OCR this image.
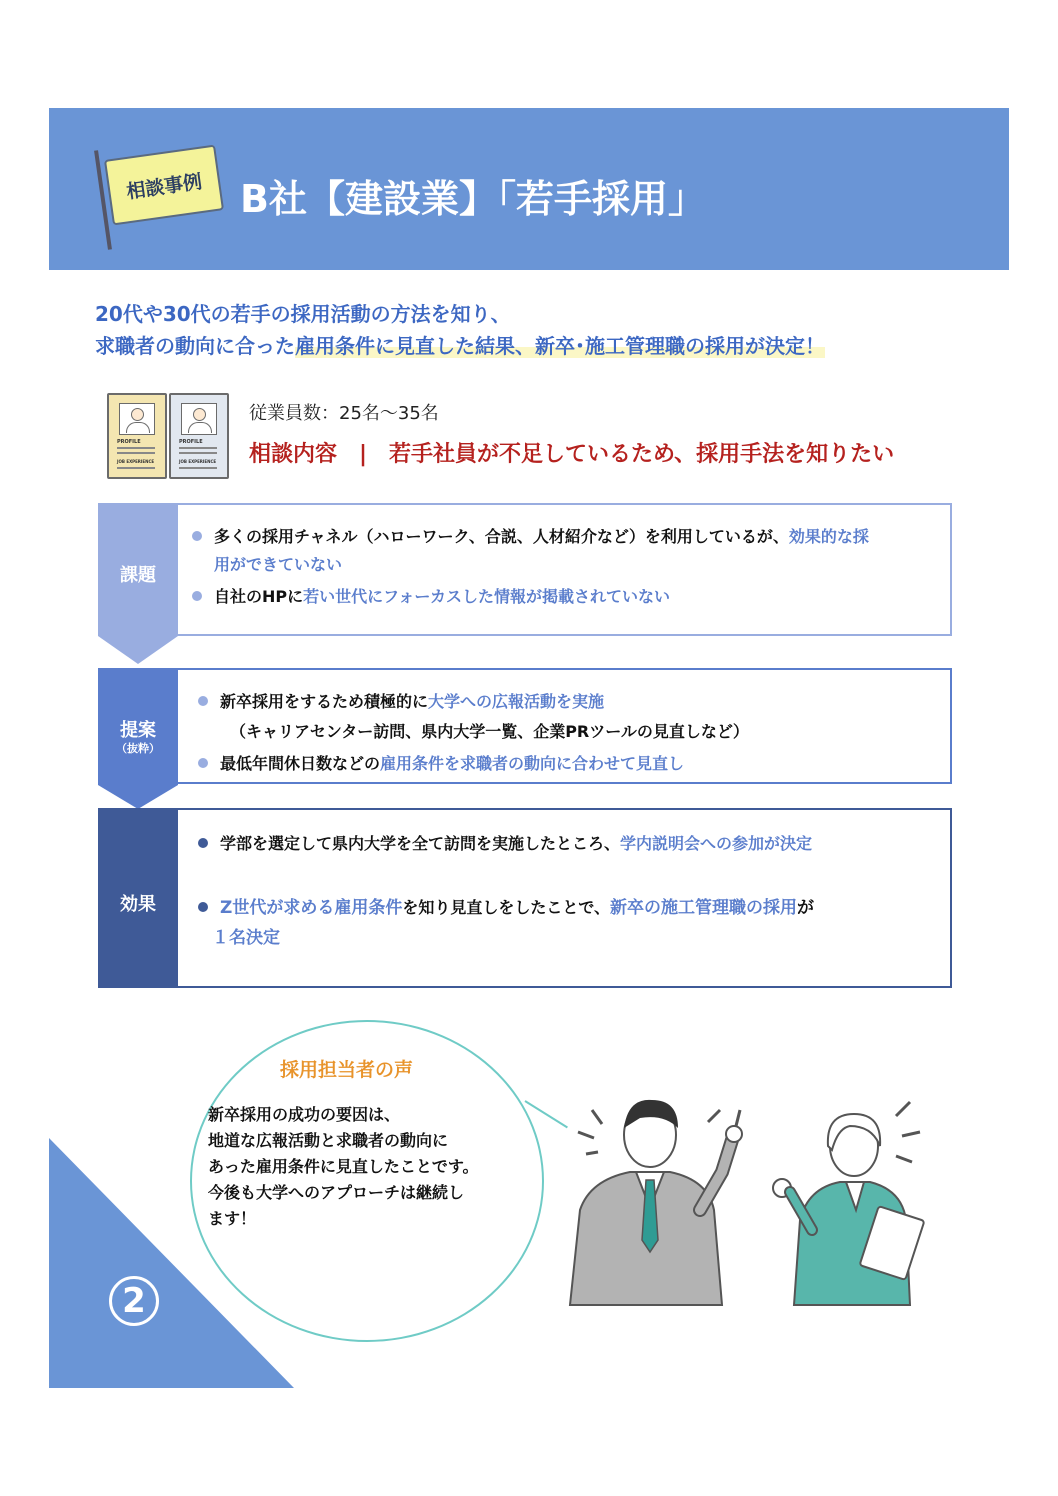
相談事例 B社【建設業】「若手採用」
20代や30代の若手の採用活動の方法を知り、
求職者の動向に合った雇用条件に見直した結果、新卒･施工管理職の採用が決定！
PROFILE
JOB EXPERIENCE
PROFILE
JOB EXPERIENCE
従業員数：25名～35名
相談内容　|　若手社員が不足しているため、採用手法を知りたい
課題
多くの採用チャネル（ハローワーク、合説、人材紹介など）を利用しているが、効果的な採
用ができていない
自社のHPに若い世代にフォーカスした情報が掲載されていない
提案
（抜粋）
新卒採用をするため積極的に大学への広報活動を実施
（キャリアセンター訪問、県内大学一覧、企業PRツールの見直しなど）
最低年間休日数などの雇用条件を求職者の動向に合わせて見直し
効果
学部を選定して県内大学を全て訪問を実施したところ、学内説明会への参加が決定
Z世代が求める雇用条件を知り見直しをしたことで、新卒の施工管理職の採用が
１名決定
採用担当者の声
新卒採用の成功の要因は、
地道な広報活動と求職者の動向に
あった雇用条件に見直したことです。
今後も大学へのアプローチは継続し
ます！
2
